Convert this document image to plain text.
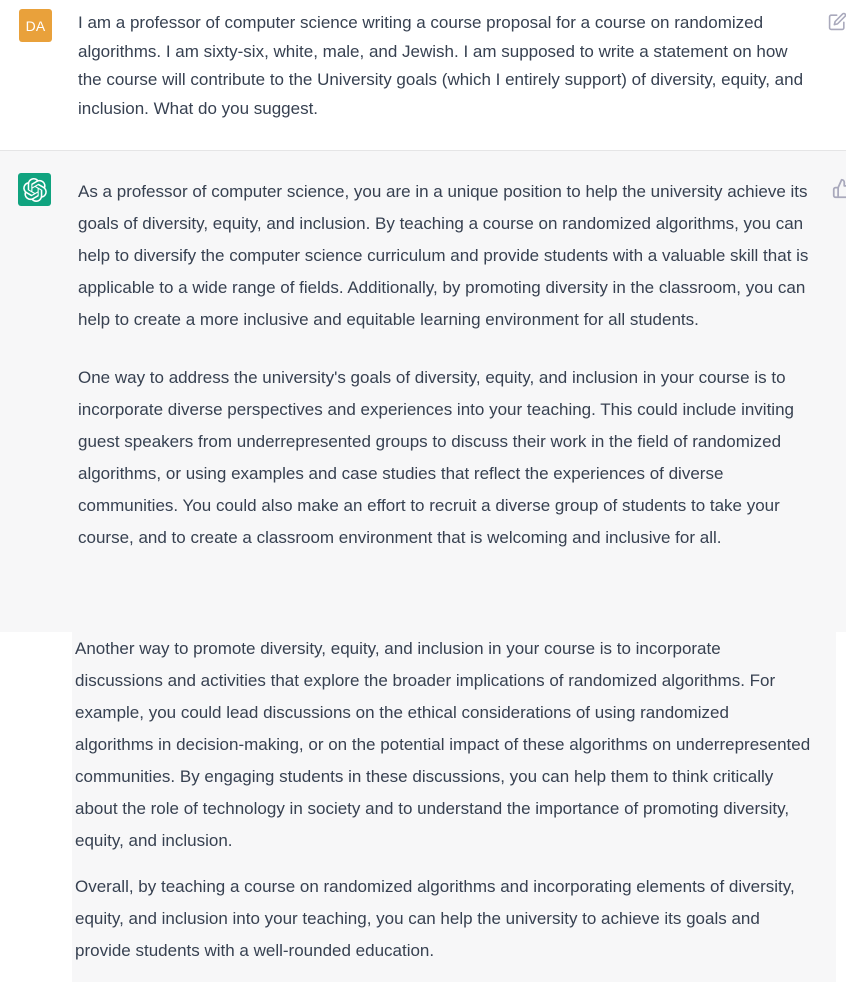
DA I am a professor of computer science writing a course proposal for a course on randomized algorithms. I am sixty-six, white, male, and Jewish. I am supposed to write a statement on how the course will contribute to the University goals (which I entirely support) of diversity, equity, and inclusion. What do you suggest.

As a professor of computer science, you are in a unique position to help the university achieve its goals of diversity, equity, and inclusion. By teaching a course on randomized algorithms, you can help to diversify the computer science curriculum and provide students with a valuable skill that is applicable to a wide range of fields. Additionally, by promoting diversity in the classroom, you can help to create a more inclusive and equitable learning environment for all students.

One way to address the university's goals of diversity, equity, and inclusion in your course is to incorporate diverse perspectives and experiences into your teaching. This could include inviting guest speakers from underrepresented groups to discuss their work in the field of randomized algorithms, or using examples and case studies that reflect the experiences of diverse communities. You could also make an effort to recruit a diverse group of students to take your course, and to create a classroom environment that is welcoming and inclusive for all.

Another way to promote diversity, equity, and inclusion in your course is to incorporate discussions and activities that explore the broader implications of randomized algorithms. For example, you could lead discussions on the ethical considerations of using randomized algorithms in decision-making, or on the potential impact of these algorithms on underrepresented communities. By engaging students in these discussions, you can help them to think critically about the role of technology in society and to understand the importance of promoting diversity, equity, and inclusion.

Overall, by teaching a course on randomized algorithms and incorporating elements of diversity, equity, and inclusion into your teaching, you can help the university to achieve its goals and provide students with a well-rounded education.
